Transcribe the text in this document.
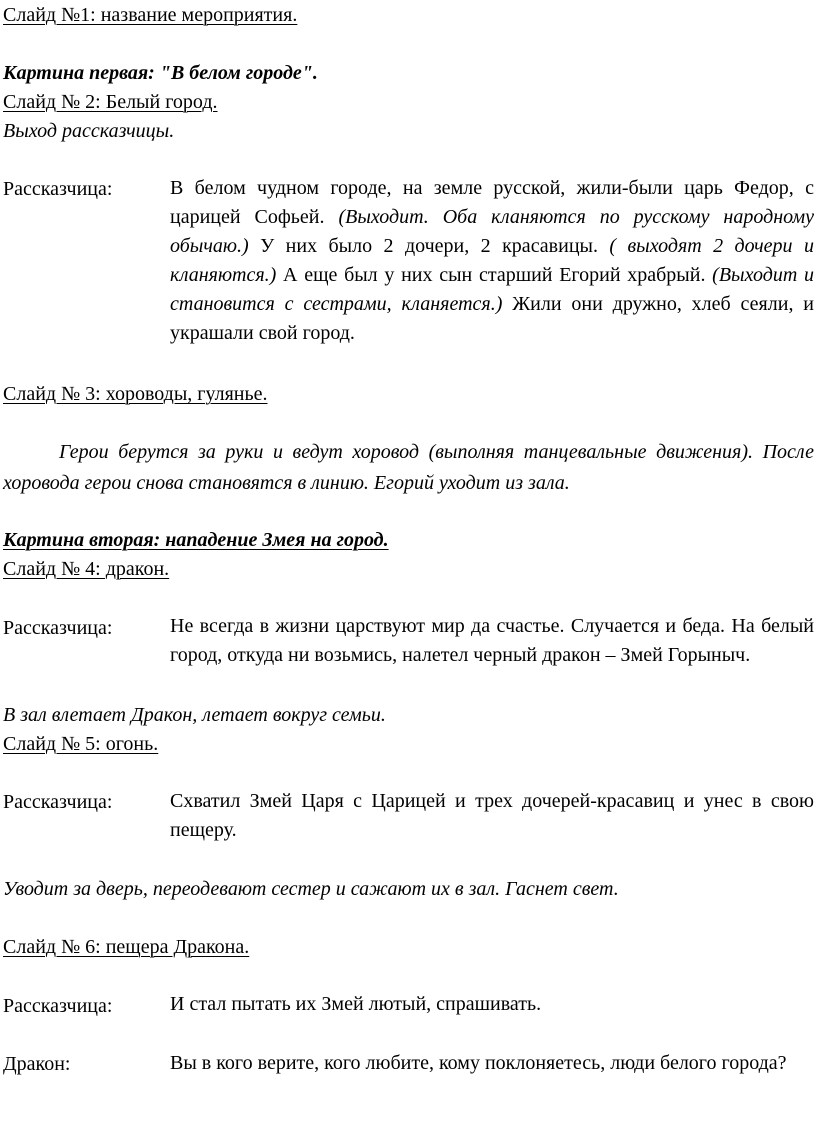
Слайд №1: название мероприятия.
Картина первая: "В белом городе".
Слайд № 2: Белый город.
Выход рассказчицы.
Рассказчица:	В белом чудном городе, на земле русской, жили-были царь Федор, с царицей Софьей. (Выходит. Оба кланяются по русскому народному обычаю.) У них было 2 дочери, 2 красавицы. ( выходят 2 дочери и кланяются.) А еще был у них сын старший Егорий храбрый. (Выходит и становится с сестрами, кланяется.) Жили они дружно, хлеб сеяли, и украшали свой город.

Слайд № 3: хороводы, гулянье.

Герои берутся за руки и ведут хоровод (выполняя танцевальные движения). После хоровода герои снова становятся в линию. Егорий уходит из зала.

Картина вторая: нападение Змея на город.
Слайд № 4: дракон.
Рассказчица:	Не всегда в жизни царствуют мир да счастье. Случается и беда. На белый город, откуда ни возьмись, налетел черный дракон – Змей Горыныч.

В зал влетает Дракон, летает вокруг семьи.
Слайд № 5: огонь.
Рассказчица:	Схватил Змей Царя с Царицей и трех дочерей-красавиц и унес в свою пещеру.

Уводит за дверь, переодевают сестер и сажают их в зал. Гаснет свет.
Слайд № 6: пещера Дракона.
Рассказчица:	И стал пытать их Змей лютый, спрашивать.

Дракон:	Вы в кого верите, кого любите, кому поклоняетесь, люди белого города?
